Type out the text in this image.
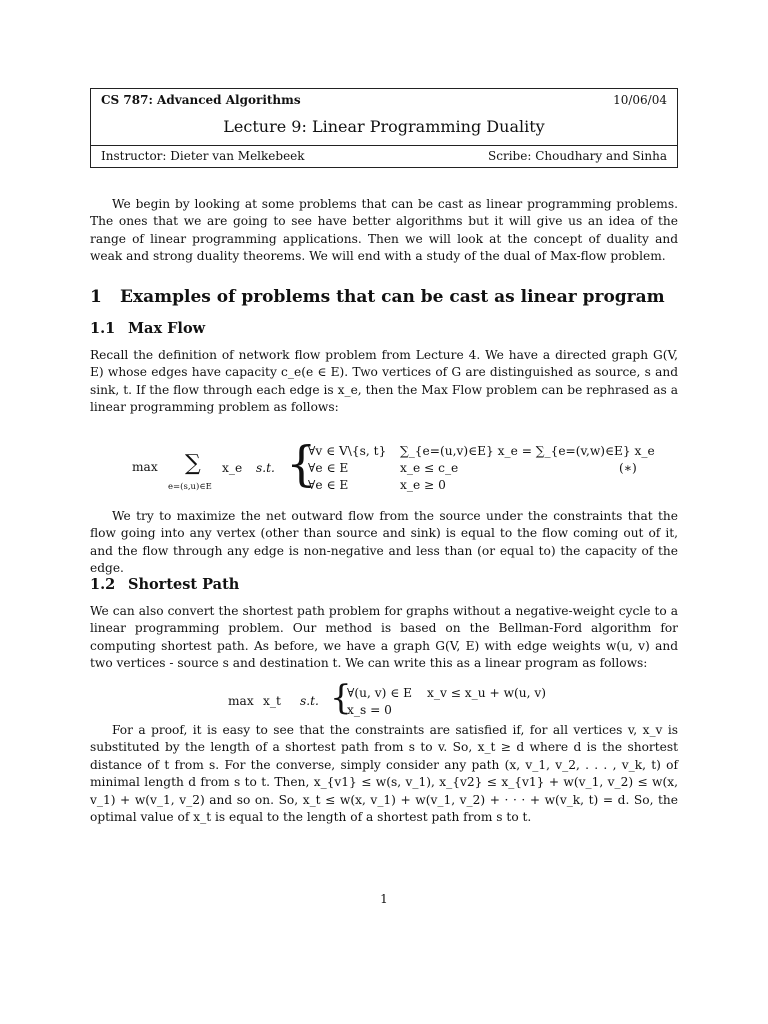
CS 787: Advanced Algorithms	10/06/04
Lecture 9: Linear Programming Duality
Instructor: Dieter van Melkebeek	Scribe: Choudhary and Sinha
We begin by looking at some problems that can be cast as linear programming problems. The ones that we are going to see have better algorithms but it will give us an idea of the range of linear programming applications. Then we will look at the concept of duality and weak and strong duality theorems. We will end with a study of the dual of Max-flow problem.
1 Examples of problems that can be cast as linear program
1.1 Max Flow
Recall the definition of network flow problem from Lecture 4. We have a directed graph G(V, E) whose edges have capacity c_e(e ∈ E). Two vertices of G are distinguished as source, s and sink, t. If the flow through each edge is x_e, then the Max Flow problem can be rephrased as a linear programming problem as follows:
max ∑
e=(s,u)∈E
x_e s.t. {
∀v ∈ V\{s, t} ∑_{e=(u,v)∈E} x_e = ∑_{e=(v,w)∈E} x_e
∀e ∈ E	x_e ≤ c_e
∀e ∈ E	x_e ≥ 0
(∗)
We try to maximize the net outward flow from the source under the constraints that the flow going into any vertex (other than source and sink) is equal to the flow coming out of it, and the flow through any edge is non-negative and less than (or equal to) the capacity of the edge.
1.2 Shortest Path
We can also convert the shortest path problem for graphs without a negative-weight cycle to a linear programming problem. Our method is based on the Bellman-Ford algorithm for computing shortest path. As before, we have a graph G(V, E) with edge weights w(u, v) and two vertices - source s and destination t. We can write this as a linear program as follows:
max x_t s.t. {
∀(u, v) ∈ E x_v ≤ x_u + w(u, v)
x_s = 0
For a proof, it is easy to see that the constraints are satisfied if, for all vertices v, x_v is substituted by the length of a shortest path from s to v. So, x_t ≥ d where d is the shortest distance of t from s. For the converse, simply consider any path (x, v_1, v_2, . . . , v_k, t) of minimal length d from s to t. Then, x_{v1} ≤ w(s, v_1), x_{v2} ≤ x_{v1} + w(v_1, v_2) ≤ w(x, v_1) + w(v_1, v_2) and so on. So, x_t ≤ w(x, v_1) + w(v_1, v_2) + · · · + w(v_k, t) = d. So, the optimal value of x_t is equal to the length of a shortest path from s to t.
1
